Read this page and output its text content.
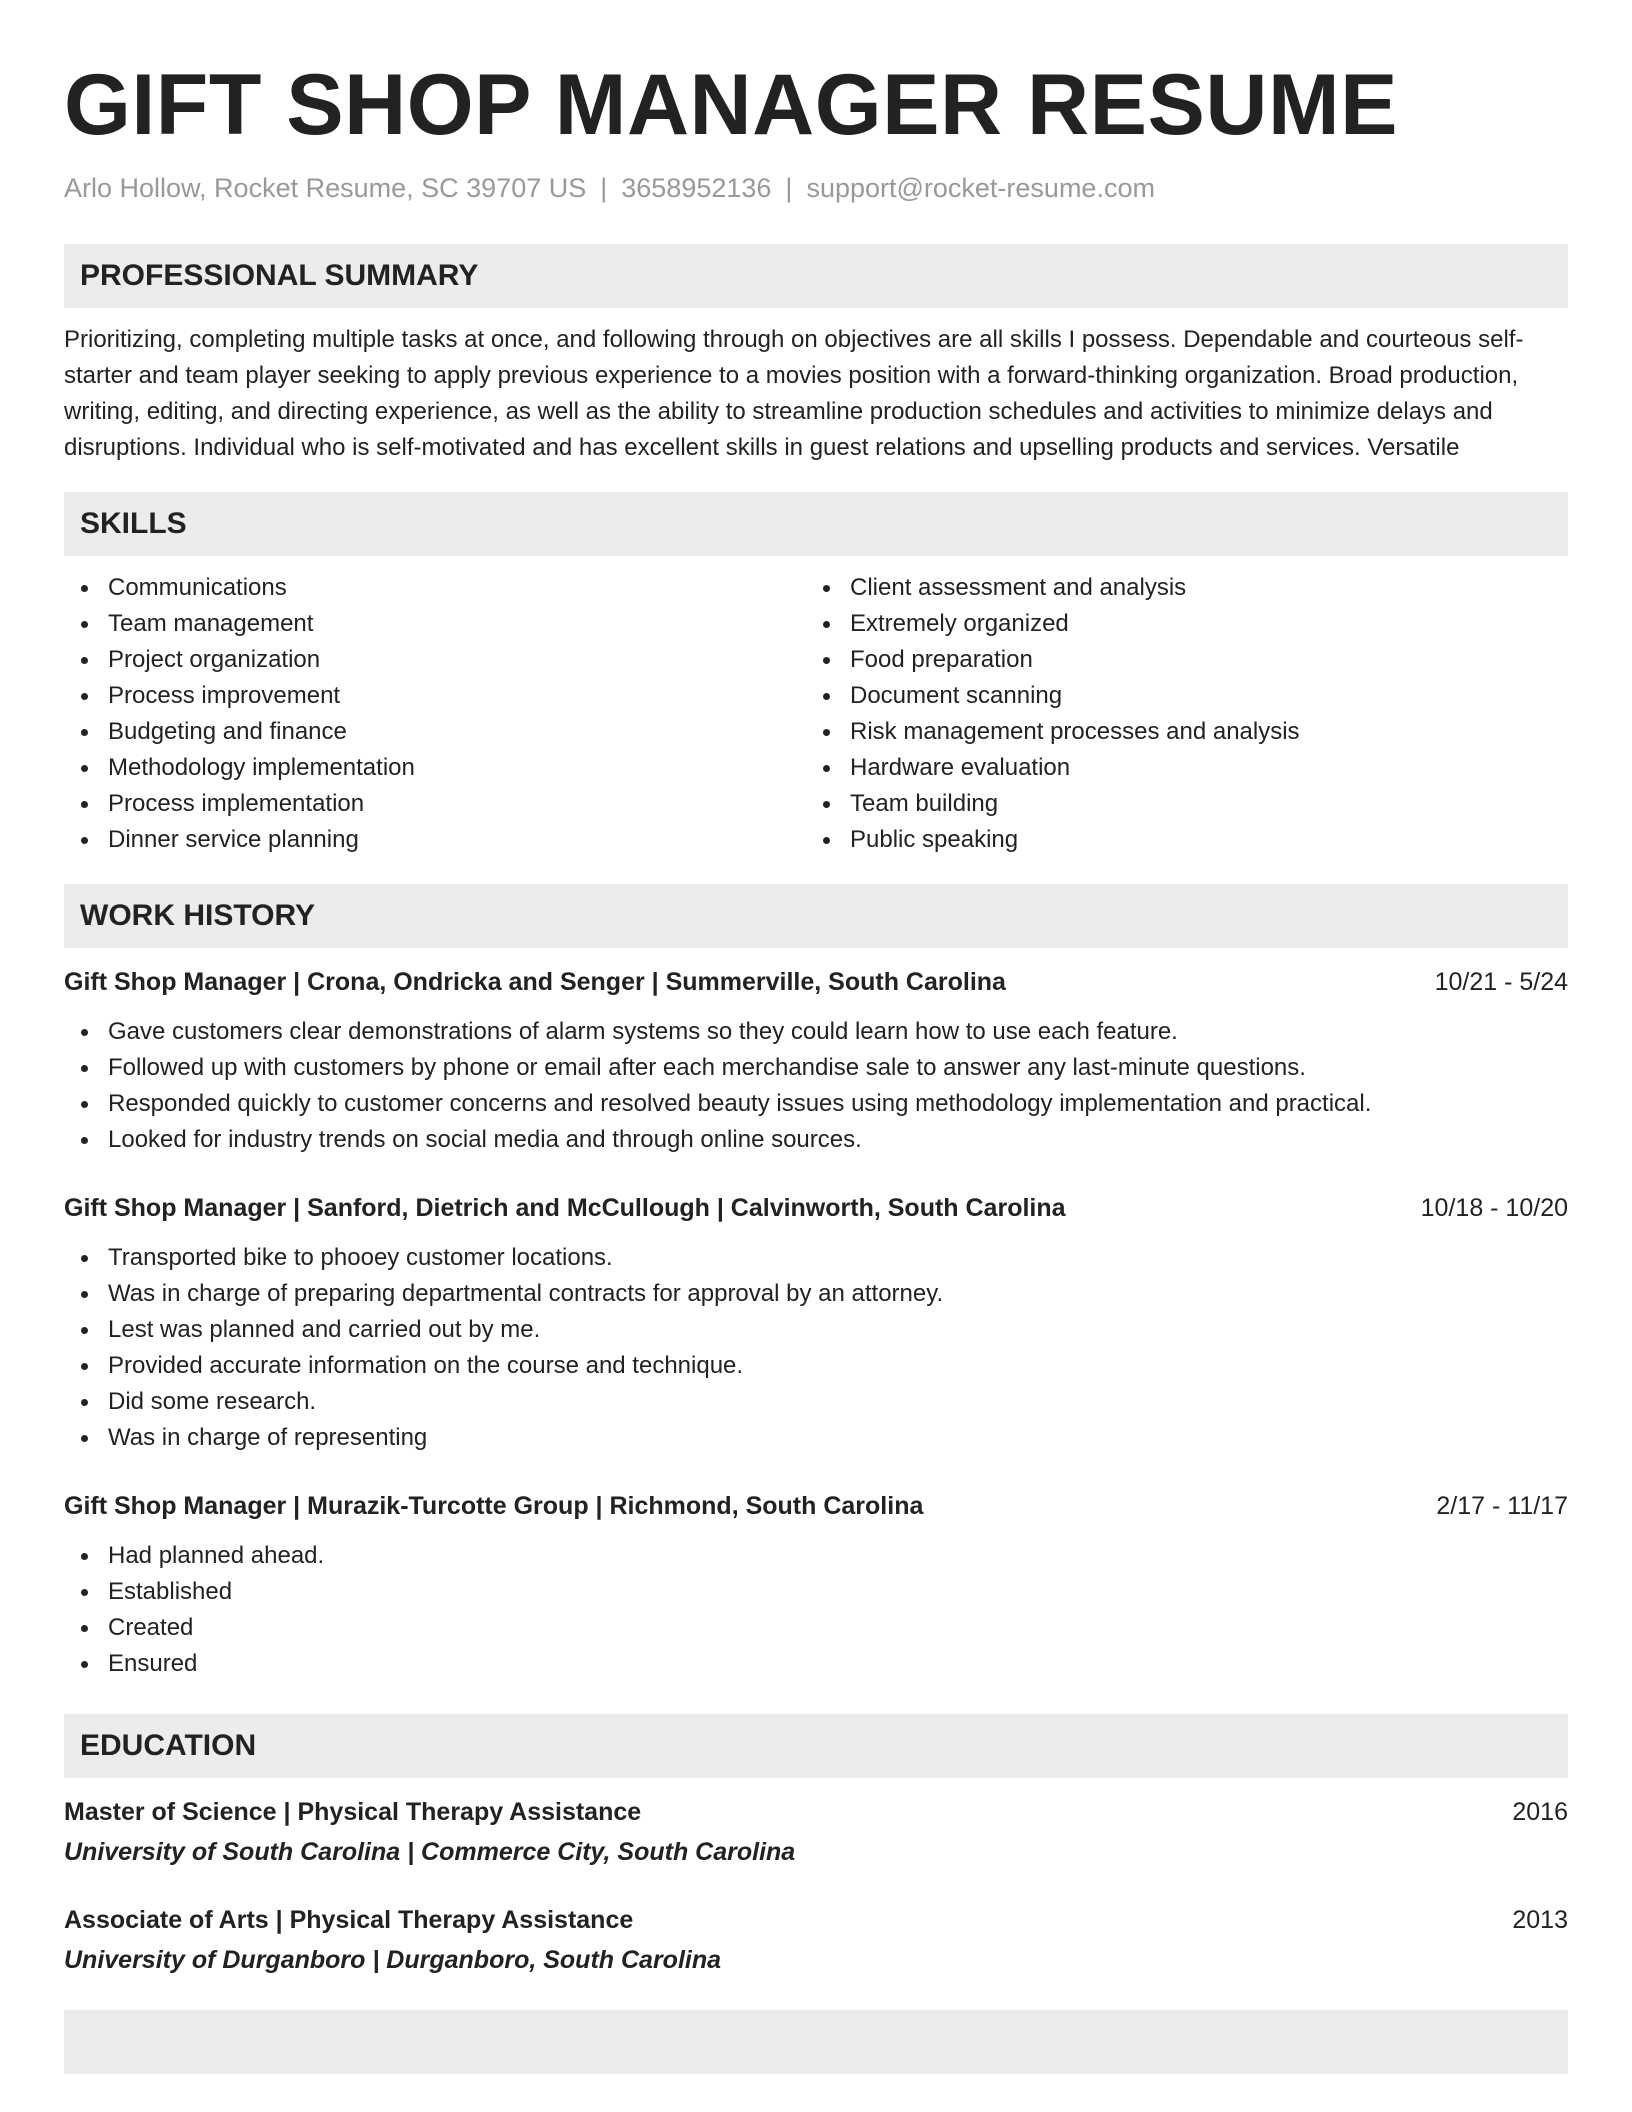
GIFT SHOP MANAGER RESUME
Arlo Hollow, Rocket Resume, SC 39707 US | 3658952136 | support@rocket-resume.com
PROFESSIONAL SUMMARY
Prioritizing, completing multiple tasks at once, and following through on objectives are all skills I possess. Dependable and courteous self-starter and team player seeking to apply previous experience to a movies position with a forward-thinking organization. Broad production, writing, editing, and directing experience, as well as the ability to streamline production schedules and activities to minimize delays and disruptions. Individual who is self-motivated and has excellent skills in guest relations and upselling products and services. Versatile
SKILLS
Communications
Team management
Project organization
Process improvement
Budgeting and finance
Methodology implementation
Process implementation
Dinner service planning
Client assessment and analysis
Extremely organized
Food preparation
Document scanning
Risk management processes and analysis
Hardware evaluation
Team building
Public speaking
WORK HISTORY
Gift Shop Manager | Crona, Ondricka and Senger | Summerville, South Carolina	10/21 - 5/24
Gave customers clear demonstrations of alarm systems so they could learn how to use each feature.
Followed up with customers by phone or email after each merchandise sale to answer any last-minute questions.
Responded quickly to customer concerns and resolved beauty issues using methodology implementation and practical.
Looked for industry trends on social media and through online sources.
Gift Shop Manager | Sanford, Dietrich and McCullough | Calvinworth, South Carolina	10/18 - 10/20
Transported bike to phooey customer locations.
Was in charge of preparing departmental contracts for approval by an attorney.
Lest was planned and carried out by me.
Provided accurate information on the course and technique.
Did some research.
Was in charge of representing
Gift Shop Manager | Murazik-Turcotte Group | Richmond, South Carolina	2/17 - 11/17
Had planned ahead.
Established
Created
Ensured
EDUCATION
Master of Science | Physical Therapy Assistance	2016
University of South Carolina | Commerce City, South Carolina
Associate of Arts | Physical Therapy Assistance	2013
University of Durganboro | Durganboro, South Carolina
